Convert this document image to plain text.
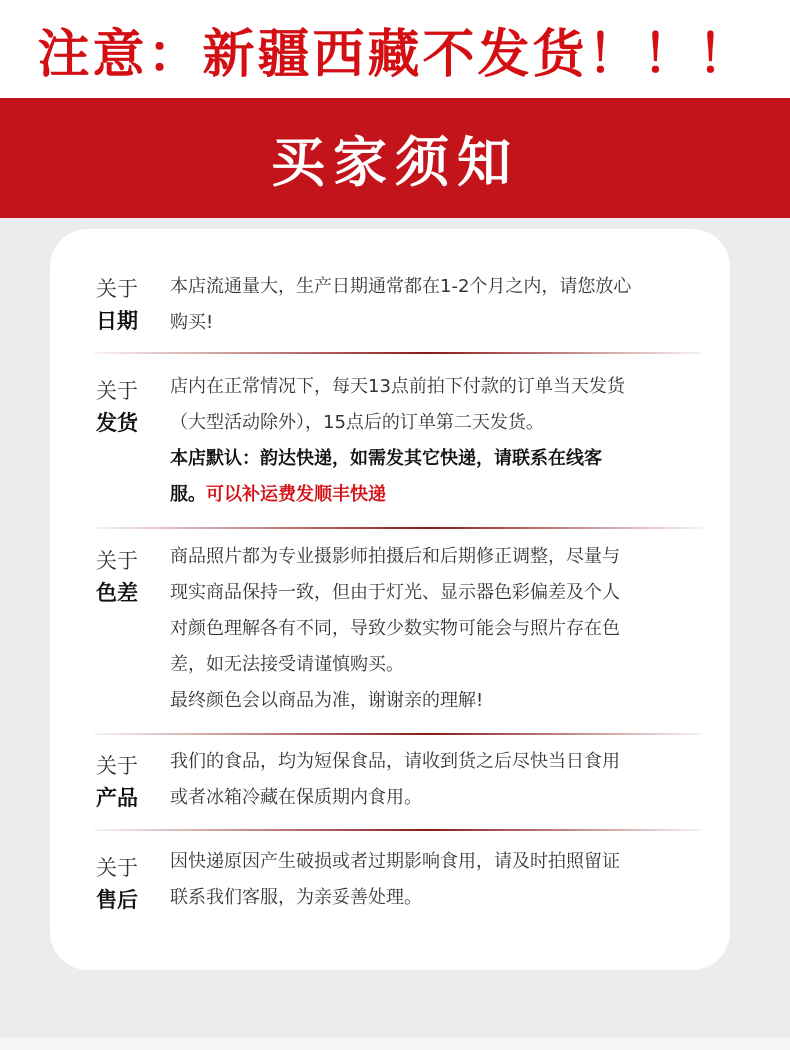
注意：新疆西藏不发货！！！
买家须知
关于
日期

本店流通量大，生产日期通常都在1-2个月之内，请您放心

购买!

关于
发货

店内在正常情况下，每天13点前拍下付款的订单当天发货

（大型活动除外），15点后的订单第二天发货。

本店默认：韵达快递，如需发其它快递，请联系在线客

服。可以补运费发顺丰快递

关于
色差

商品照片都为专业摄影师拍摄后和后期修正调整，尽量与

现实商品保持一致，但由于灯光、显示器色彩偏差及个人

对颜色理解各有不同，导致少数实物可能会与照片存在色

差，如无法接受请谨慎购买。

最终颜色会以商品为准，谢谢亲的理解!

关于
产品

我们的食品，均为短保食品，请收到货之后尽快当日食用

或者冰箱冷藏在保质期内食用。

关于
售后

因快递原因产生破损或者过期影响食用，请及时拍照留证

联系我们客服，为亲妥善处理。
